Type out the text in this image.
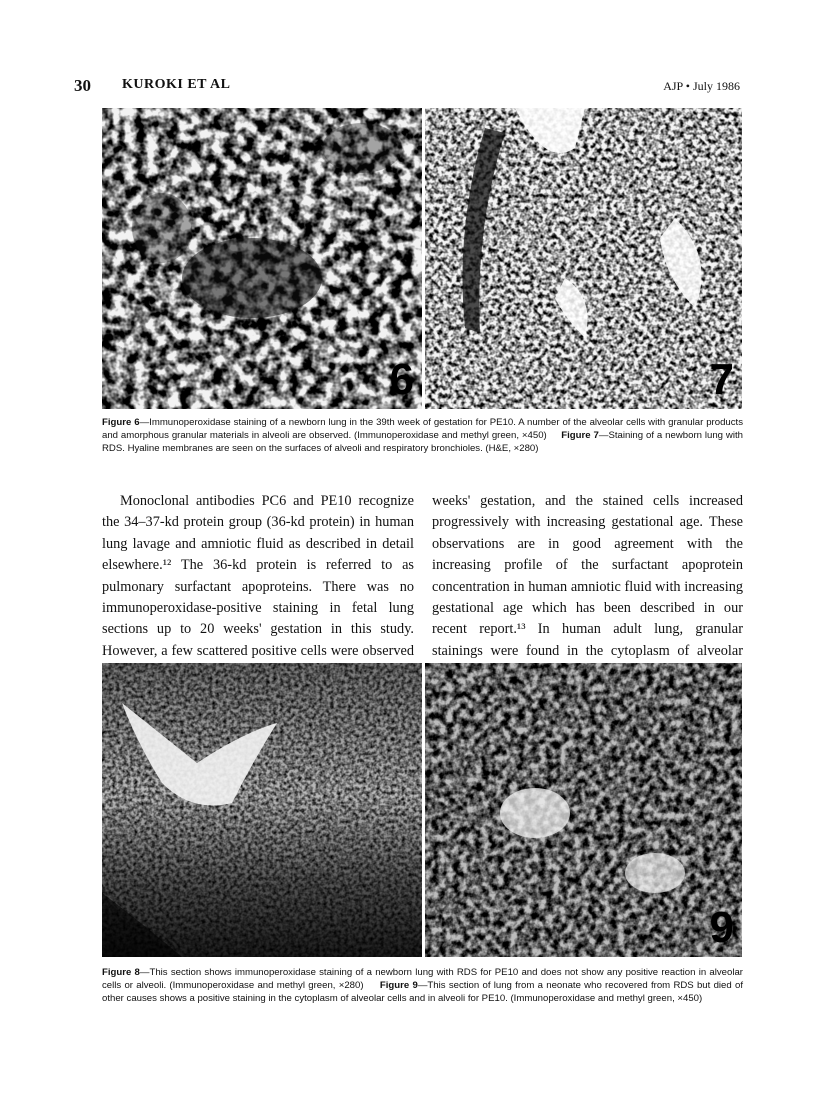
30 KUROKI ET AL	AJP • July 1986
6	7
Figure 6—Immunoperoxidase staining of a newborn lung in the 39th week of gestation for PE10. A number of the alveolar cells with granular products and amorphous granular materials in alveoli are observed. (Immunoperoxidase and methyl green, ×450) Figure 7—Staining of a newborn lung with RDS. Hyaline membranes are seen on the surfaces of alveoli and respiratory bronchioles. (H&E, ×280)

Monoclonal antibodies PC6 and PE10 recognize the 34–37-kd protein group (36-kd protein) in human lung lavage and amniotic fluid as described in detail elsewhere.¹² The 36-kd protein is referred to as pulmonary surfactant apoproteins. There was no immunoperoxidase-positive staining in fetal lung sections up to 20 weeks' gestation in this study. However, a few scattered positive cells were observed

weeks' gestation, and the stained cells increased progressively with increasing gestational age. These observations are in good agreement with the increasing profile of the surfactant apoprotein concentration in human amniotic fluid with increasing gestational age which has been described in our recent report.¹³ In human adult lung, granular stainings were found in the cytoplasm of alveolar

9
Figure 8—This section shows immunoperoxidase staining of a newborn lung with RDS for PE10 and does not show any positive reaction in alveolar cells or alveoli. (Immunoperoxidase and methyl green, ×280) Figure 9—This section of lung from a neonate who recovered from RDS but died of other causes shows a positive staining in the cytoplasm of alveolar cells and in alveoli for PE10. (Immunoperoxidase and methyl green, ×450)
